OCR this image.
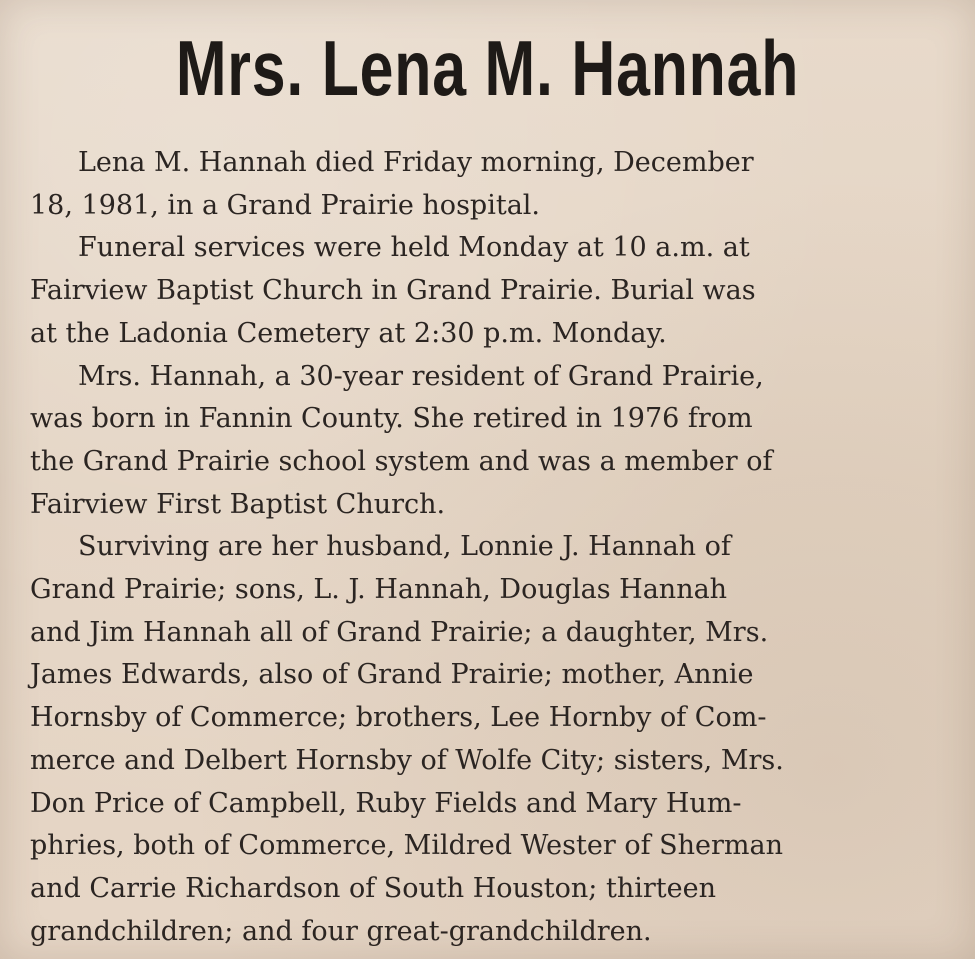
Mrs. Lena M. Hannah

Lena M. Hannah died Friday morning, December
18, 1981, in a Grand Prairie hospital.

Funeral services were held Monday at 10 a.m. at
Fairview Baptist Church in Grand Prairie. Burial was
at the Ladonia Cemetery at 2:30 p.m. Monday.

Mrs. Hannah, a 30-year resident of Grand Prairie,
was born in Fannin County. She retired in 1976 from
the Grand Prairie school system and was a member of
Fairview First Baptist Church.

Surviving are her husband, Lonnie J. Hannah of
Grand Prairie; sons, L. J. Hannah, Douglas Hannah
and Jim Hannah all of Grand Prairie; a daughter, Mrs.
James Edwards, also of Grand Prairie; mother, Annie
Hornsby of Commerce; brothers, Lee Hornby of Com-
merce and Delbert Hornsby of Wolfe City; sisters, Mrs.
Don Price of Campbell, Ruby Fields and Mary Hum-
phries, both of Commerce, Mildred Wester of Sherman
and Carrie Richardson of South Houston; thirteen
grandchildren; and four great-grandchildren.
